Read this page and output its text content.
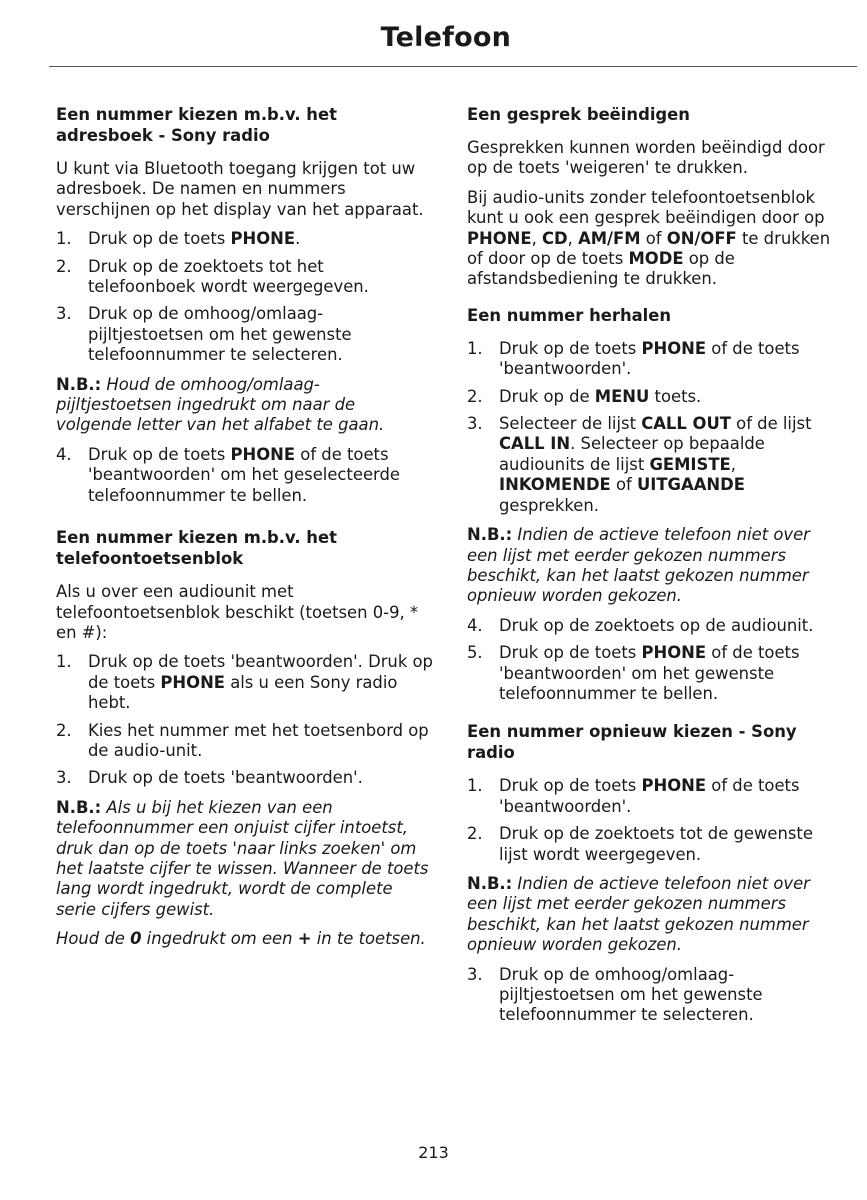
Telefoon
Een nummer kiezen m.b.v. het adresboek - Sony radio

U kunt via Bluetooth toegang krijgen tot uw adresboek. De namen en nummers verschijnen op het display van het apparaat.

1. Druk op de toets PHONE.
2. Druk op de zoektoets tot het telefoonboek wordt weergegeven.
3. Druk op de omhoog/omlaag-pijltjestoetsen om het gewenste telefoonnummer te selecteren.

N.B.: Houd de omhoog/omlaag-pijltjestoetsen ingedrukt om naar de volgende letter van het alfabet te gaan.

4. Druk op de toets PHONE of de toets 'beantwoorden' om het geselecteerde telefoonnummer te bellen.
Een nummer kiezen m.b.v. het telefoontoetsenblok

Als u over een audiounit met telefoontoetsenblok beschikt (toetsen 0-9, * en #):

1. Druk op de toets 'beantwoorden'. Druk op de toets PHONE als u een Sony radio hebt.
2. Kies het nummer met het toetsenbord op de audio-unit.
3. Druk op de toets 'beantwoorden'.

N.B.: Als u bij het kiezen van een telefoonnummer een onjuist cijfer intoetst, druk dan op de toets 'naar links zoeken' om het laatste cijfer te wissen. Wanneer de toets lang wordt ingedrukt, wordt de complete serie cijfers gewist.

Houd de 0 ingedrukt om een + in te toetsen.

Een gesprek beëindigen

Gesprekken kunnen worden beëindigd door op de toets 'weigeren' te drukken.

Bij audio-units zonder telefoontoetsenblok kunt u ook een gesprek beëindigen door op PHONE, CD, AM/FM of ON/OFF te drukken of door op de toets MODE op de afstandsbediening te drukken.

Een nummer herhalen
1. Druk op de toets PHONE of de toets 'beantwoorden'.
2. Druk op de MENU toets.
3. Selecteer de lijst CALL OUT of de lijst CALL IN. Selecteer op bepaalde audiounits de lijst GEMISTE, INKOMENDE of UITGAANDE gesprekken.

N.B.: Indien de actieve telefoon niet over een lijst met eerder gekozen nummers beschikt, kan het laatst gekozen nummer opnieuw worden gekozen.

4. Druk op de zoektoets op de audiounit.
5. Druk op de toets PHONE of de toets 'beantwoorden' om het gewenste telefoonnummer te bellen.
Een nummer opnieuw kiezen - Sony radio
1. Druk op de toets PHONE of de toets 'beantwoorden'.
2. Druk op de zoektoets tot de gewenste lijst wordt weergegeven.

N.B.: Indien de actieve telefoon niet over een lijst met eerder gekozen nummers beschikt, kan het laatst gekozen nummer opnieuw worden gekozen.

3. Druk op de omhoog/omlaag-pijltjestoetsen om het gewenste telefoonnummer te selecteren.
213
